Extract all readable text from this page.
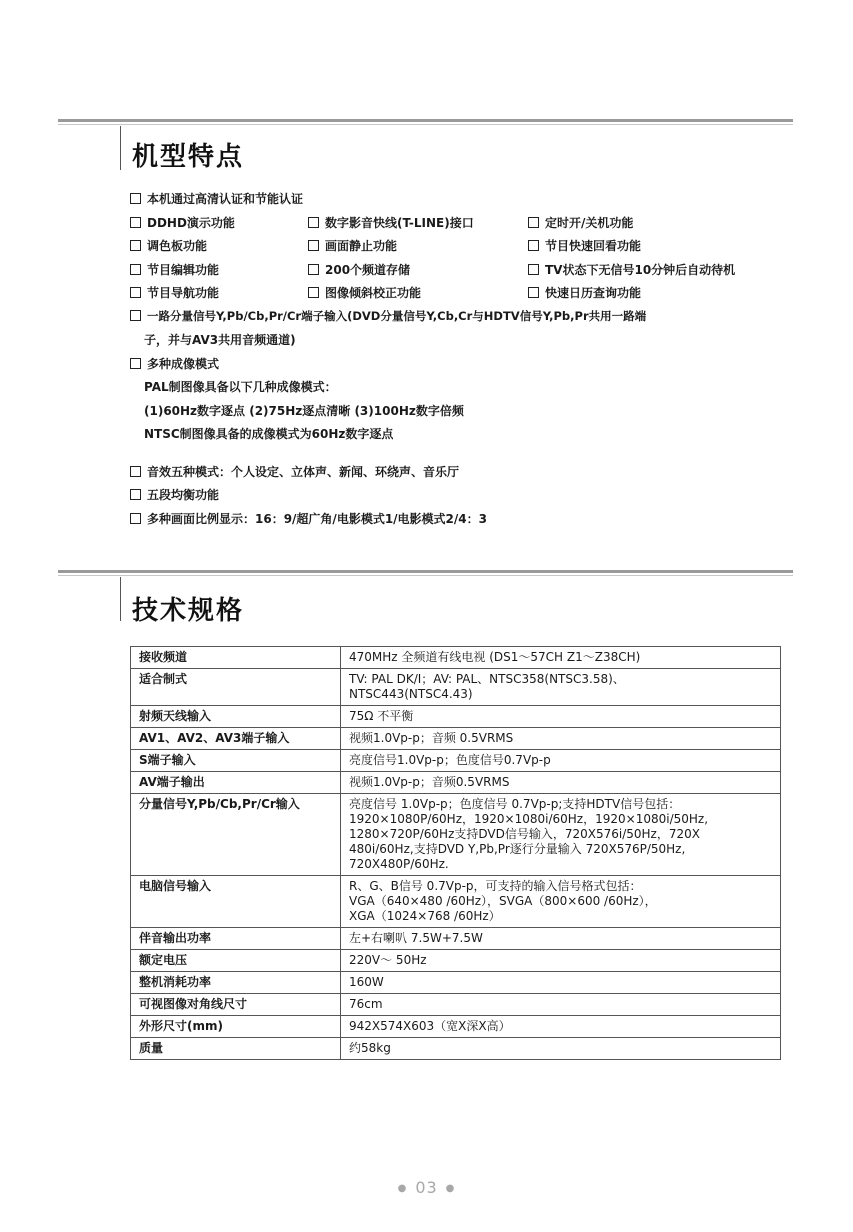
机型特点
本机通过高清认证和节能认证
DDHD演示功能	数字影音快线(T-LINE)接口	定时开/关机功能
调色板功能	画面静止功能	节目快速回看功能
节目编辑功能	200个频道存储	TV状态下无信号10分钟后自动待机
节目导航功能	图像倾斜校正功能	快速日历查询功能
一路分量信号Y,Pb/Cb,Pr/Cr端子输入(DVD分量信号Y,Cb,Cr与HDTV信号Y,Pb,Pr共用一路端
子，并与AV3共用音频通道)
多种成像模式
PAL制图像具备以下几种成像模式：
(1)60Hz数字逐点 (2)75Hz逐点清晰 (3)100Hz数字倍频
NTSC制图像具备的成像模式为60Hz数字逐点
音效五种模式：个人设定、立体声、新闻、环绕声、音乐厅
五段均衡功能
多种画面比例显示：16：9/超广角/电影模式1/电影模式2/4：3
技术规格
接收频道	470MHz 全频道有线电视 (DS1～57CH Z1～Z38CH)

适合制式	TV: PAL DK/I；AV: PAL、NTSC358(NTSC3.58)、
NTSC443(NTSC4.43)

射频天线输入	75Ω 不平衡

AV1、AV2、AV3端子输入	视频1.0Vp-p；音频 0.5VRMS

S端子输入	亮度信号1.0Vp-p；色度信号0.7Vp-p

AV端子输出	视频1.0Vp-p；音频0.5VRMS

分量信号Y,Pb/Cb,Pr/Cr输入	亮度信号 1.0Vp-p；色度信号 0.7Vp-p;支持HDTV信号包括：
1920×1080P/60Hz，1920×1080i/60Hz，1920×1080i/50Hz,
1280×720P/60Hz支持DVD信号输入，720X576i/50Hz，720X
480i/60Hz,支持DVD Y,Pb,Pr逐行分量输入 720X576P/50Hz,
720X480P/60Hz.

电脑信号输入	R、G、B信号 0.7Vp-p，可支持的输入信号格式包括：
VGA（640×480 /60Hz），SVGA（800×600 /60Hz），
XGA（1024×768 /60Hz）

伴音输出功率	左+右喇叭 7.5W+7.5W

额定电压	220V～ 50Hz

整机消耗功率	160W

可视图像对角线尺寸	76cm

外形尺寸(mm)	942X574X603（宽X深X高）

质量	约58kg
● 03 ●
